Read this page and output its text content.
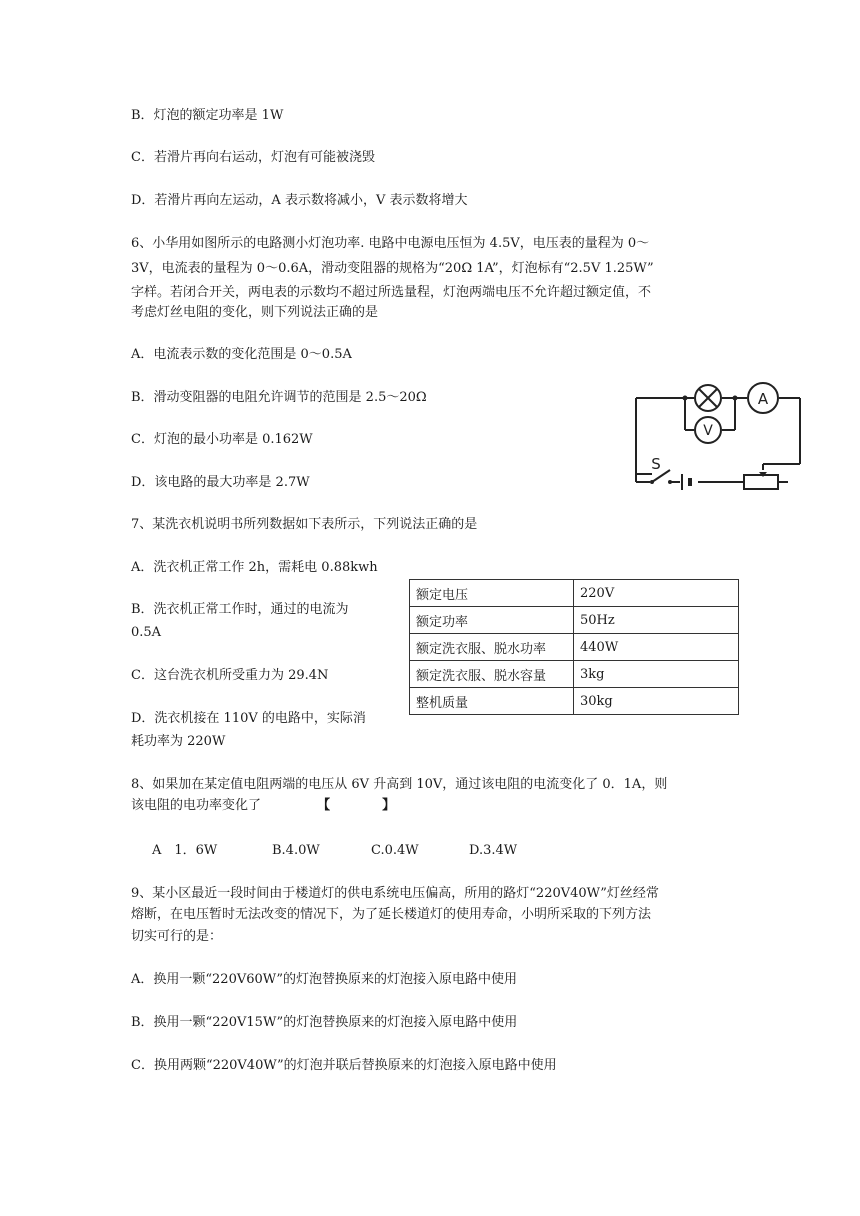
B．灯泡的额定功率是 1W
C．若滑片再向右运动，灯泡有可能被浇毁
D．若滑片再向左运动，A 表示数将减小，V 表示数将增大
6、小华用如图所示的电路测小灯泡功率. 电路中电源电压恒为 4.5V，电压表的量程为 0～
3V，电流表的量程为 0～0.6A，滑动变阻器的规格为“20Ω 1A”，灯泡标有“2.5V 1.25W”
字样。若闭合开关，两电表的示数均不超过所选量程，灯泡两端电压不允许超过额定值，不
考虑灯丝电阻的变化，则下列说法正确的是
A．电流表示数的变化范围是 0～0.5A
B．滑动变阻器的电阻允许调节的范围是 2.5～20Ω
C．灯泡的最小功率是 0.162W
D．该电路的最大功率是 2.7W
V
A
S
7、某洗衣机说明书所列数据如下表所示，下列说法正确的是
A．洗衣机正常工作 2h，需耗电 0.88kwh
B．洗衣机正常工作时，通过的电流为
0.5A
C．这台洗衣机所受重力为 29.4N
D．洗衣机接在 110V 的电路中，实际消
耗功率为 220W
额定电压	220V
额定功率	50Hz
额定洗衣服、脱水功率	440W
额定洗衣服、脱水容量	3kg
整机质量	30kg
8、如果加在某定值电阻两端的电压从 6V 升高到 10V，通过该电阻的电流变化了 0．1A，则
该电阻的电功率变化了	【　　　　】
A　1．6W	B.4.0W	C.0.4W	D.3.4W
9、某小区最近一段时间由于楼道灯的供电系统电压偏高，所用的路灯“220V40W”灯丝经常
熔断，在电压暂时无法改变的情况下，为了延长楼道灯的使用寿命，小明所采取的下列方法
切实可行的是：
A．换用一颗“220V60W”的灯泡替换原来的灯泡接入原电路中使用
B．换用一颗“220V15W”的灯泡替换原来的灯泡接入原电路中使用
C．换用两颗“220V40W”的灯泡并联后替换原来的灯泡接入原电路中使用
